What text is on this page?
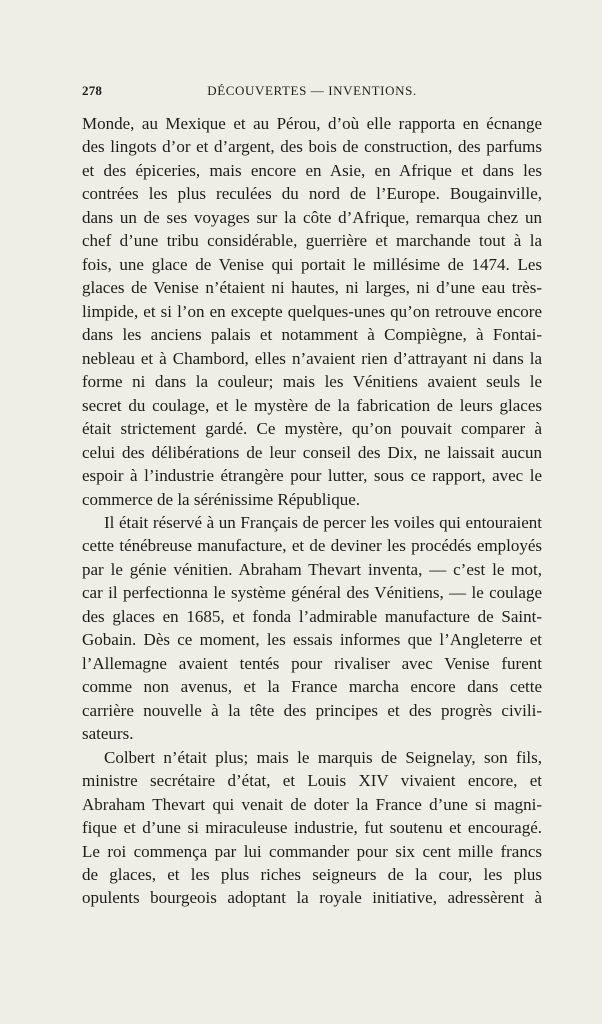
278	DÉCOUVERTES — INVENTIONS.
Monde, au Mexique et au Pérou, d’où elle rapporta en écnange
des lingots d’or et d’argent, des bois de construction, des parfums
et des épiceries, mais encore en Asie, en Afrique et dans les
contrées les plus reculées du nord de l’Europe. Bougainville,
dans un de ses voyages sur la côte d’Afrique, remarqua chez un
chef d’une tribu considérable, guerrière et marchande tout à la
fois, une glace de Venise qui portait le millésime de 1474. Les
glaces de Venise n’étaient ni hautes, ni larges, ni d’une eau très-
limpide, et si l’on en excepte quelques-unes qu’on retrouve encore
dans les anciens palais et notamment à Compiègne, à Fontai-
nebleau et à Chambord, elles n’avaient rien d’attrayant ni dans la
forme ni dans la couleur; mais les Vénitiens avaient seuls le
secret du coulage, et le mystère de la fabrication de leurs glaces
était strictement gardé. Ce mystère, qu’on pouvait comparer à
celui des délibérations de leur conseil des Dix, ne laissait aucun
espoir à l’industrie étrangère pour lutter, sous ce rapport, avec le
commerce de la sérénissime République.
Il était réservé à un Français de percer les voiles qui entouraient
cette ténébreuse manufacture, et de deviner les procédés employés
par le génie vénitien. Abraham Thevart inventa, — c’est le mot,
car il perfectionna le système général des Vénitiens, — le coulage
des glaces en 1685, et fonda l’admirable manufacture de Saint-
Gobain. Dès ce moment, les essais informes que l’Angleterre et
l’Allemagne avaient tentés pour rivaliser avec Venise furent
comme non avenus, et la France marcha encore dans cette
carrière nouvelle à la tête des principes et des progrès civili-
sateurs.
Colbert n’était plus; mais le marquis de Seignelay, son fils,
ministre secrétaire d’état, et Louis XIV vivaient encore, et
Abraham Thevart qui venait de doter la France d’une si magni-
fique et d’une si miraculeuse industrie, fut soutenu et encouragé.
Le roi commença par lui commander pour six cent mille francs
de glaces, et les plus riches seigneurs de la cour, les plus
opulents bourgeois adoptant la royale initiative, adressèrent à
